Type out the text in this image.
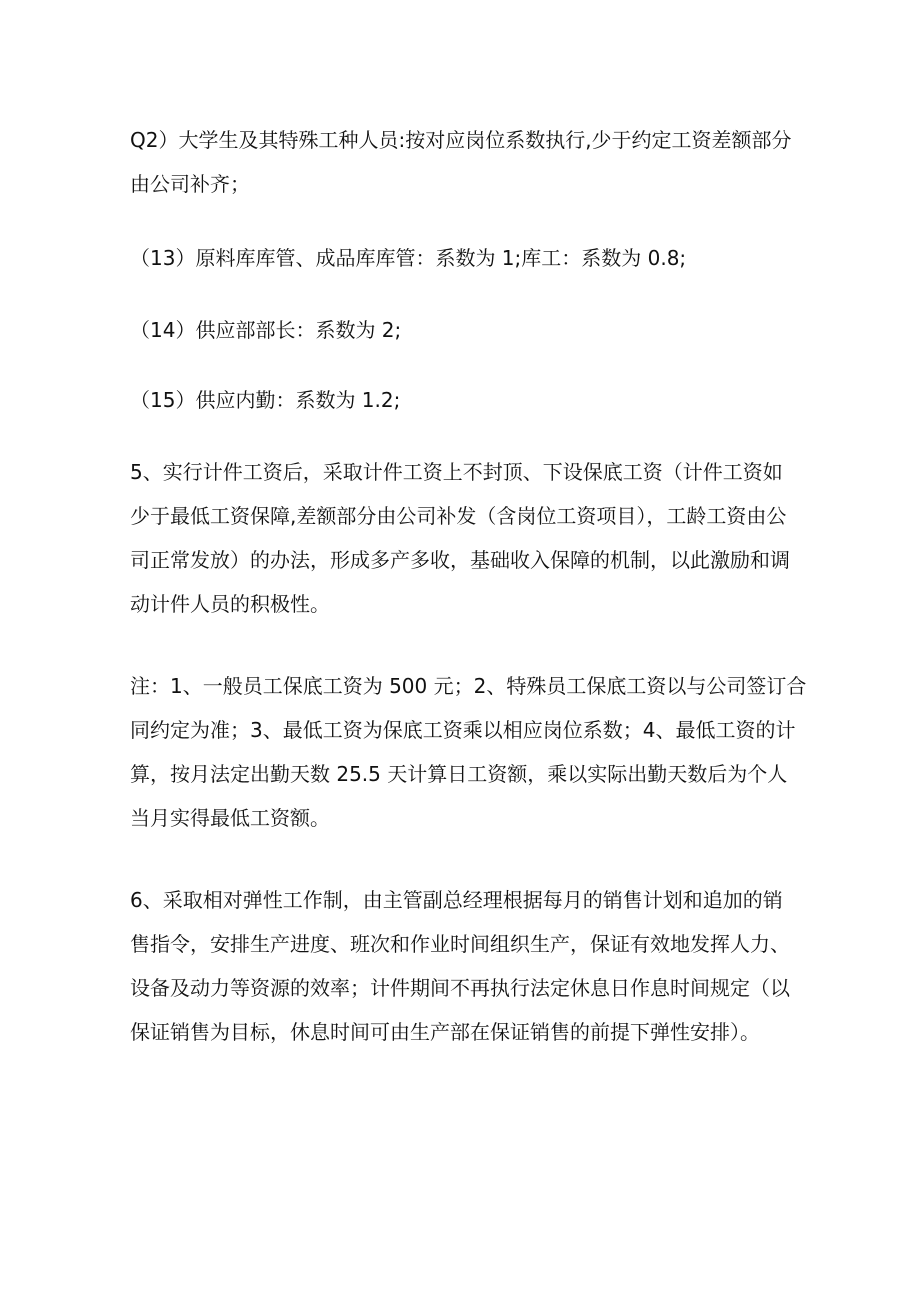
Q2）大学生及其特殊工种人员:按对应岗位系数执行,少于约定工资差额部分
由公司补齐；

（13）原料库库管、成品库库管：系数为 1;库工：系数为 0.8;

（14）供应部部长：系数为 2;

（15）供应内勤：系数为 1.2;

5、实行计件工资后，采取计件工资上不封顶、下设保底工资（计件工资如
少于最低工资保障,差额部分由公司补发（含岗位工资项目），工龄工资由公
司正常发放）的办法，形成多产多收，基础收入保障的机制，以此激励和调
动计件人员的积极性。

注：1、一般员工保底工资为 500 元；2、特殊员工保底工资以与公司签订合
同约定为准；3、最低工资为保底工资乘以相应岗位系数；4、最低工资的计
算，按月法定出勤天数 25.5 天计算日工资额，乘以实际出勤天数后为个人
当月实得最低工资额。

6、采取相对弹性工作制，由主管副总经理根据每月的销售计划和追加的销
售指令，安排生产进度、班次和作业时间组织生产，保证有效地发挥人力、
设备及动力等资源的效率；计件期间不再执行法定休息日作息时间规定（以
保证销售为目标，休息时间可由生产部在保证销售的前提下弹性安排）。
